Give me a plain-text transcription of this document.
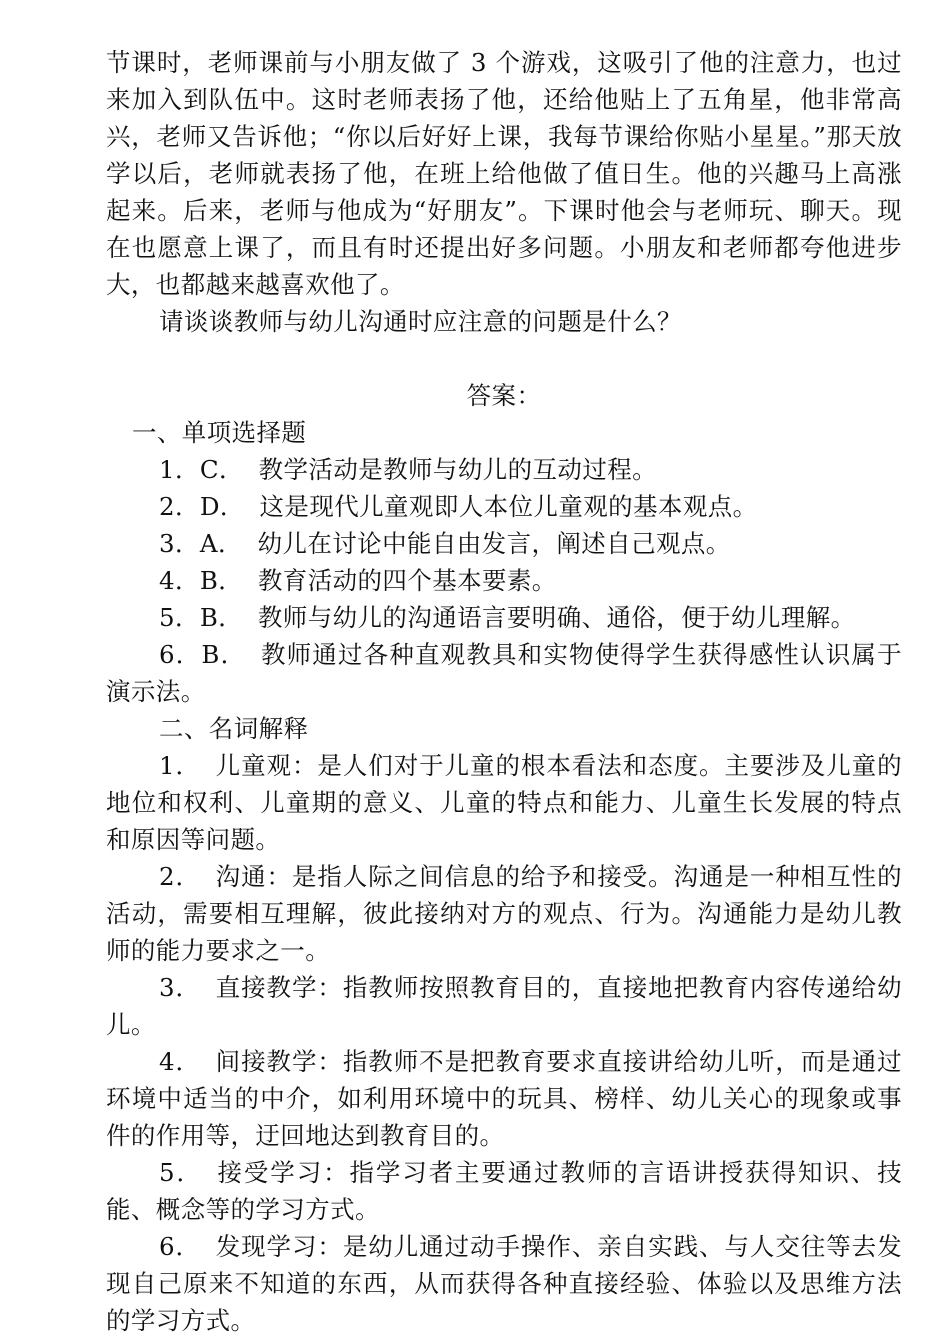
节课时，老师课前与小朋友做了 3 个游戏，这吸引了他的注意力，也过来加入到队伍中。这时老师表扬了他，还给他贴上了五角星，他非常高兴，老师又告诉他；“你以后好好上课，我每节课给你贴小星星。”那天放学以后，老师就表扬了他，在班上给他做了值日生。他的兴趣马上高涨起来。后来，老师与他成为“好朋友”。下课时他会与老师玩、聊天。现在也愿意上课了，而且有时还提出好多问题。小朋友和老师都夸他进步大，也都越来越喜欢他了。

请谈谈教师与幼儿沟通时应注意的问题是什么？

答案：

一、单项选择题

1．C． 教学活动是教师与幼儿的互动过程。

2．D． 这是现代儿童观即人本位儿童观的基本观点。

3．A． 幼儿在讨论中能自由发言，阐述自己观点。

4．B． 教育活动的四个基本要素。

5．B． 教师与幼儿的沟通语言要明确、通俗，便于幼儿理解。

6．B． 教师通过各种直观教具和实物使得学生获得感性认识属于演示法。

二、名词解释

1． 儿童观：是人们对于儿童的根本看法和态度。主要涉及儿童的地位和权利、儿童期的意义、儿童的特点和能力、儿童生长发展的特点和原因等问题。

2． 沟通：是指人际之间信息的给予和接受。沟通是一种相互性的活动，需要相互理解，彼此接纳对方的观点、行为。沟通能力是幼儿教师的能力要求之一。

3． 直接教学：指教师按照教育目的，直接地把教育内容传递给幼儿。

4． 间接教学：指教师不是把教育要求直接讲给幼儿听，而是通过环境中适当的中介，如利用环境中的玩具、榜样、幼儿关心的现象或事件的作用等，迂回地达到教育目的。

5． 接受学习：指学习者主要通过教师的言语讲授获得知识、技能、概念等的学习方式。

6． 发现学习：是幼儿通过动手操作、亲自实践、与人交往等去发现自己原来不知道的东西，从而获得各种直接经验、体验以及思维方法的学习方式。
